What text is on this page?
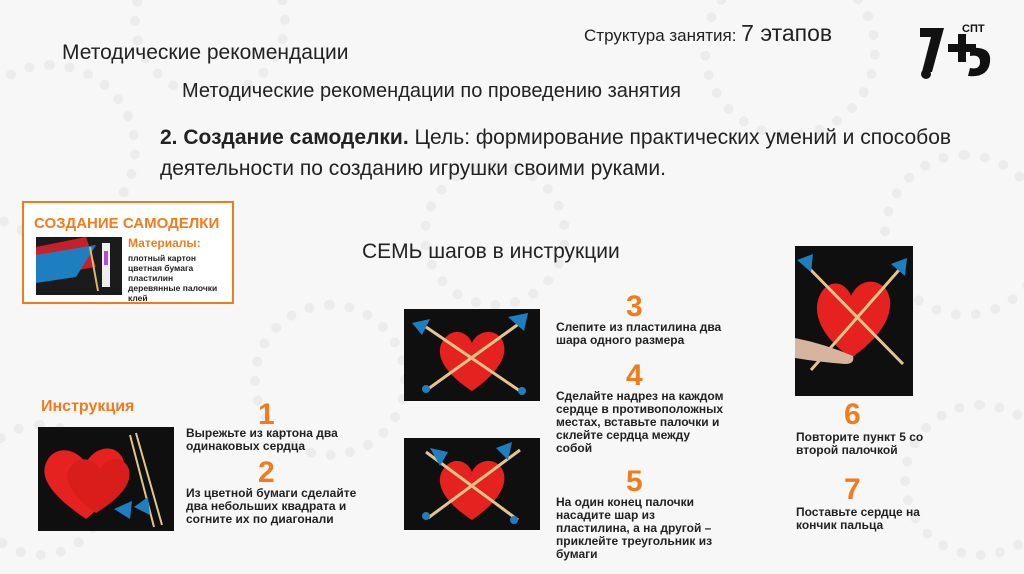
Структура занятия: 7 этапов	СПТ
Методические рекомендации
Методические рекомендации по проведению занятия
2. Создание самоделки. Цель: формирование практических умений и способов деятельности по созданию игрушки своими руками.
СОЗДАНИЕ САМОДЕЛКИ
Материалы:
плотный картон
цветная бумага
пластилин
деревянные палочки
клей
СЕМЬ шагов в инструкции
Инструкция	1
Вырежьте из картона два одинаковых сердца
2
Из цветной бумаги сделайте два небольших квадрата и согните их по диагонали
3
Слепите из пластилина два шара одного размера
4
Сделайте надрез на каждом сердце в противоположных местах, вставьте палочки и склейте сердца между собой
5
На один конец палочки насадите шар из пластилина, а на другой –приклейте треугольник из бумаги
6
Повторите пункт 5 со второй палочкой
7
Поставьте сердце на кончик пальца
